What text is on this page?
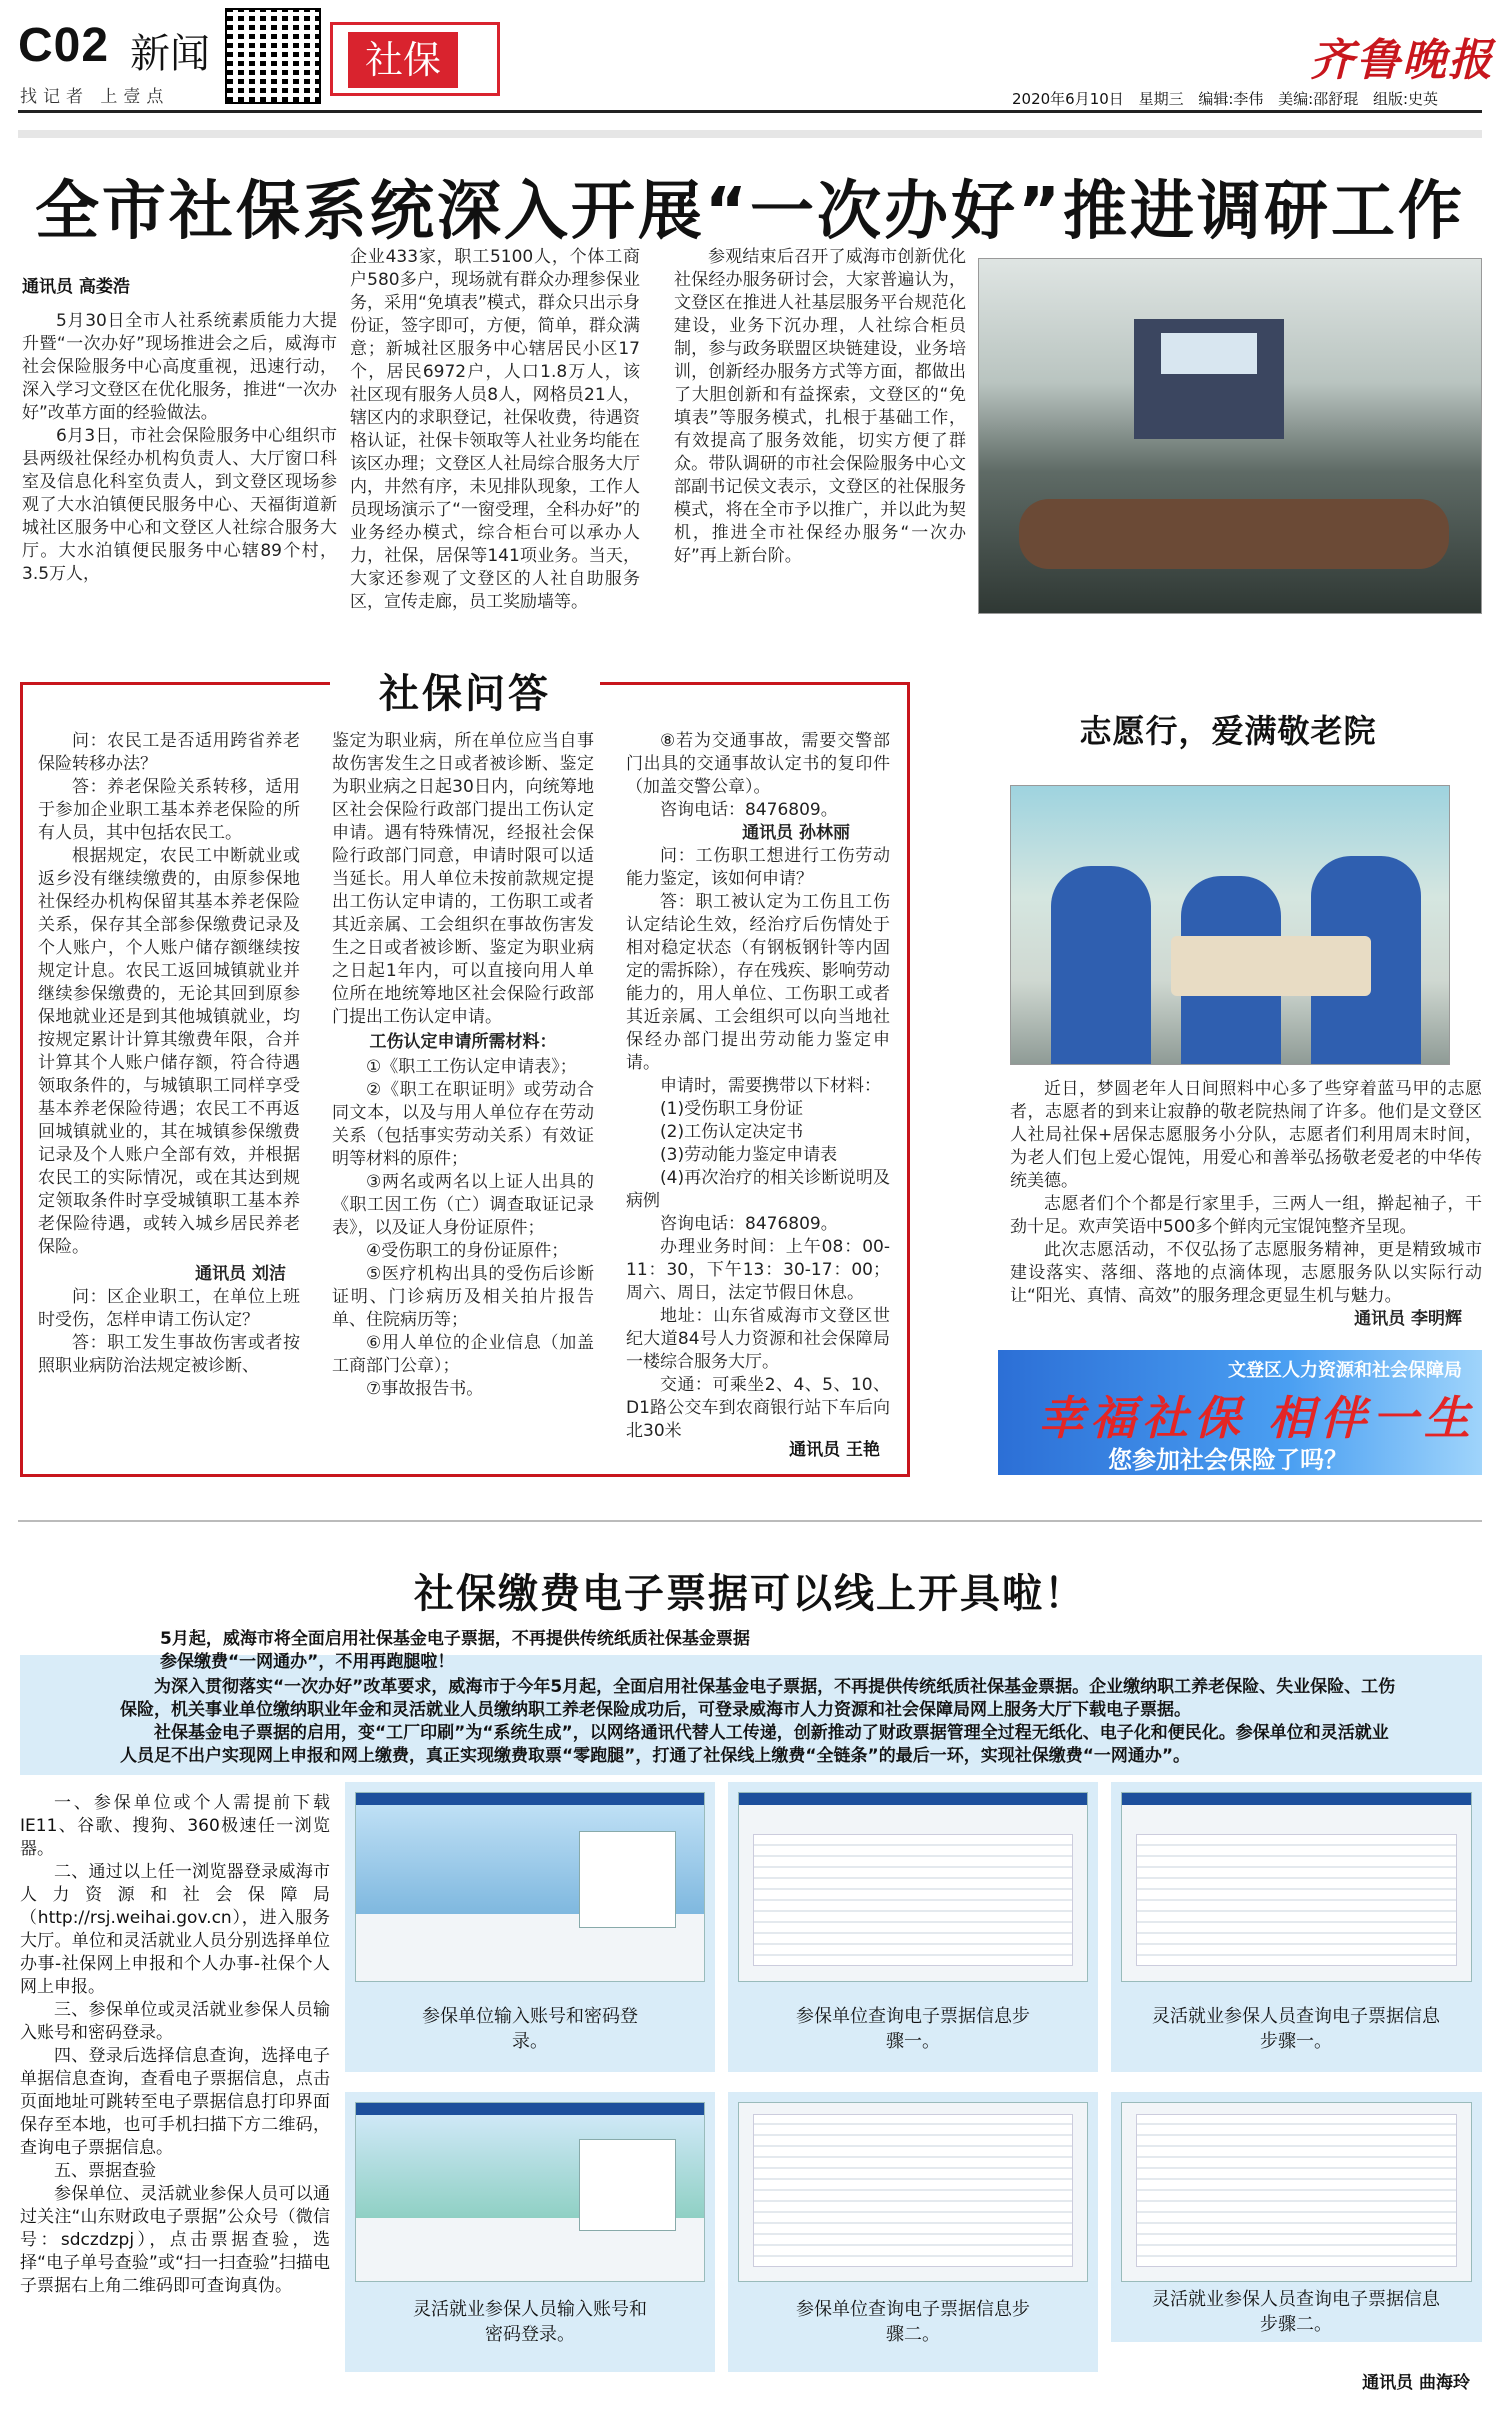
C02 新闻
找记者 上壹点
社保	齐鲁晚报
2020年6月10日 星期三 编辑:李伟 美编:邵舒琨 组版:史英
全市社保系统深入开展“一次办好”推进调研工作
通讯员 高娄浩

5月30日全市人社系统素质能力大提升暨“一次办好”现场推进会之后，威海市社会保险服务中心高度重视，迅速行动，深入学习文登区在优化服务，推进“一次办好”改革方面的经验做法。

6月3日，市社会保险服务中心组织市县两级社保经办机构负责人、大厅窗口科室及信息化科室负责人，到文登区现场参观了大水泊镇便民服务中心、天福街道新城社区服务中心和文登区人社综合服务大厅。大水泊镇便民服务中心辖89个村，3.5万人，

企业433家，职工5100人，个体工商户580多户，现场就有群众办理参保业务，采用“免填表”模式，群众只出示身份证，签字即可，方便，简单，群众满意；新城社区服务中心辖居民小区17个，居民6972户，人口1.8万人，该社区现有服务人员8人，网格员21人，辖区内的求职登记，社保收费，待遇资格认证，社保卡领取等人社业务均能在该区办理；文登区人社局综合服务大厅内，井然有序，未见排队现象，工作人员现场演示了“一窗受理，全科办好”的业务经办模式，综合柜台可以承办人力，社保，居保等141项业务。当天，大家还参观了文登区的人社自助服务区，宣传走廊，员工奖励墙等。

参观结束后召开了威海市创新优化社保经办服务研讨会，大家普遍认为，文登区在推进人社基层服务平台规范化建设，业务下沉办理，人社综合柜员制，参与政务联盟区块链建设，业务培训，创新经办服务方式等方面，都做出了大胆创新和有益探索，文登区的“免填表”等服务模式，扎根于基础工作，有效提高了服务效能，切实方便了群众。带队调研的市社会保险服务中心文部副书记侯文表示，文登区的社保服务模式，将在全市予以推广，并以此为契机，推进全市社保经办服务“一次办好”再上新台阶。

社保问答

问：农民工是否适用跨省养老保险转移办法？

答：养老保险关系转移，适用于参加企业职工基本养老保险的所有人员，其中包括农民工。

根据规定，农民工中断就业或返乡没有继续缴费的，由原参保地社保经办机构保留其基本养老保险关系，保存其全部参保缴费记录及个人账户，个人账户储存额继续按规定计息。农民工返回城镇就业并继续参保缴费的，无论其回到原参保地就业还是到其他城镇就业，均按规定累计计算其缴费年限，合并计算其个人账户储存额，符合待遇领取条件的，与城镇职工同样享受基本养老保险待遇；农民工不再返回城镇就业的，其在城镇参保缴费记录及个人账户全部有效，并根据农民工的实际情况，或在其达到规定领取条件时享受城镇职工基本养老保险待遇，或转入城乡居民养老保险。

通讯员 刘洁

问：区企业职工，在单位上班时受伤，怎样申请工伤认定？

答：职工发生事故伤害或者按照职业病防治法规定被诊断、

鉴定为职业病，所在单位应当自事故伤害发生之日或者被诊断、鉴定为职业病之日起30日内，向统筹地区社会保险行政部门提出工伤认定申请。遇有特殊情况，经报社会保险行政部门同意，申请时限可以适当延长。用人单位未按前款规定提出工伤认定申请的，工伤职工或者其近亲属、工会组织在事故伤害发生之日或者被诊断、鉴定为职业病之日起1年内，可以直接向用人单位所在地统筹地区社会保险行政部门提出工伤认定申请。

工伤认定申请所需材料：

①《职工工伤认定申请表》；

②《职工在职证明》或劳动合同文本，以及与用人单位存在劳动关系（包括事实劳动关系）有效证明等材料的原件；

③两名或两名以上证人出具的《职工因工伤（亡）调查取证记录表》，以及证人身份证原件；

④受伤职工的身份证原件；

⑤医疗机构出具的受伤后诊断证明、门诊病历及相关拍片报告单、住院病历等；

⑥用人单位的企业信息（加盖工商部门公章）；

⑦事故报告书。

⑧若为交通事故，需要交警部门出具的交通事故认定书的复印件（加盖交警公章）。

咨询电话：8476809。

通讯员 孙林丽

问：工伤职工想进行工伤劳动能力鉴定，该如何申请？

答：职工被认定为工伤且工伤认定结论生效，经治疗后伤情处于相对稳定状态（有钢板钢针等内固定的需拆除），存在残疾、影响劳动能力的，用人单位、工伤职工或者其近亲属、工会组织可以向当地社保经办部门提出劳动能力鉴定申请。

申请时，需要携带以下材料：

(1)受伤职工身份证

(2)工伤认定决定书

(3)劳动能力鉴定申请表

(4)再次治疗的相关诊断说明及病例

咨询电话：8476809。

办理业务时间：上午08：00-11：30，下午13：30-17：00；周六、周日，法定节假日休息。

地址：山东省威海市文登区世纪大道84号人力资源和社会保障局一楼综合服务大厅。

交通：可乘坐2、4、5、10、D1路公交车到农商银行站下车后向北30米

通讯员 王艳
志愿行，爱满敬老院

近日，梦圆老年人日间照料中心多了些穿着蓝马甲的志愿者，志愿者的到来让寂静的敬老院热闹了许多。他们是文登区人社局社保+居保志愿服务小分队，志愿者们利用周末时间，为老人们包上爱心馄饨，用爱心和善举弘扬敬老爱老的中华传统美德。

志愿者们个个都是行家里手，三两人一组，擀起袖子，干劲十足。欢声笑语中500多个鲜肉元宝馄饨整齐呈现。

此次志愿活动，不仅弘扬了志愿服务精神，更是精致城市建设落实、落细、落地的点滴体现，志愿服务队以实际行动让“阳光、真情、高效”的服务理念更显生机与魅力。

通讯员 李明辉
文登区人力资源和社会保障局
幸福社保 相伴一生
您参加社会保险了吗？
社保缴费电子票据可以线上开具啦！
5月起，威海市将全面启用社保基金电子票据，不再提供传统纸质社保基金票据
参保缴费“一网通办”，不用再跑腿啦！

为深入贯彻落实“一次办好”改革要求，威海市于今年5月起，全面启用社保基金电子票据，不再提供传统纸质社保基金票据。企业缴纳职工养老保险、失业保险、工伤保险，机关事业单位缴纳职业年金和灵活就业人员缴纳职工养老保险成功后，可登录威海市人力资源和社会保障局网上服务大厅下载电子票据。

社保基金电子票据的启用，变“工厂印刷”为“系统生成”，以网络通讯代替人工传递，创新推动了财政票据管理全过程无纸化、电子化和便民化。参保单位和灵活就业人员足不出户实现网上申报和网上缴费，真正实现缴费取票“零跑腿”，打通了社保线上缴费“全链条”的最后一环，实现社保缴费“一网通办”。

一、参保单位或个人需提前下载IE11、谷歌、搜狗、360极速任一浏览器。

二、通过以上任一浏览器登录威海市人力资源和社会保障局（http://rsj.weihai.gov.cn），进入服务大厅。单位和灵活就业人员分别选择单位办事-社保网上申报和个人办事-社保个人网上申报。

三、参保单位或灵活就业参保人员输入账号和密码登录。

四、登录后选择信息查询，选择电子单据信息查询，查看电子票据信息，点击页面地址可跳转至电子票据信息打印界面保存至本地，也可手机扫描下方二维码，查询电子票据信息。

五、票据查验

参保单位、灵活就业参保人员可以通过关注“山东财政电子票据”公众号（微信号：sdczdzpj），点击票据查验，选择“电子单号查验”或“扫一扫查验”扫描电子票据右上角二维码即可查询真伪。

参保单位输入账号和密码登录。
参保单位查询电子票据信息步骤一。
灵活就业参保人员查询电子票据信息步骤一。
灵活就业参保人员输入账号和密码登录。
参保单位查询电子票据信息步骤二。
灵活就业参保人员查询电子票据信息步骤二。
通讯员 曲海玲
